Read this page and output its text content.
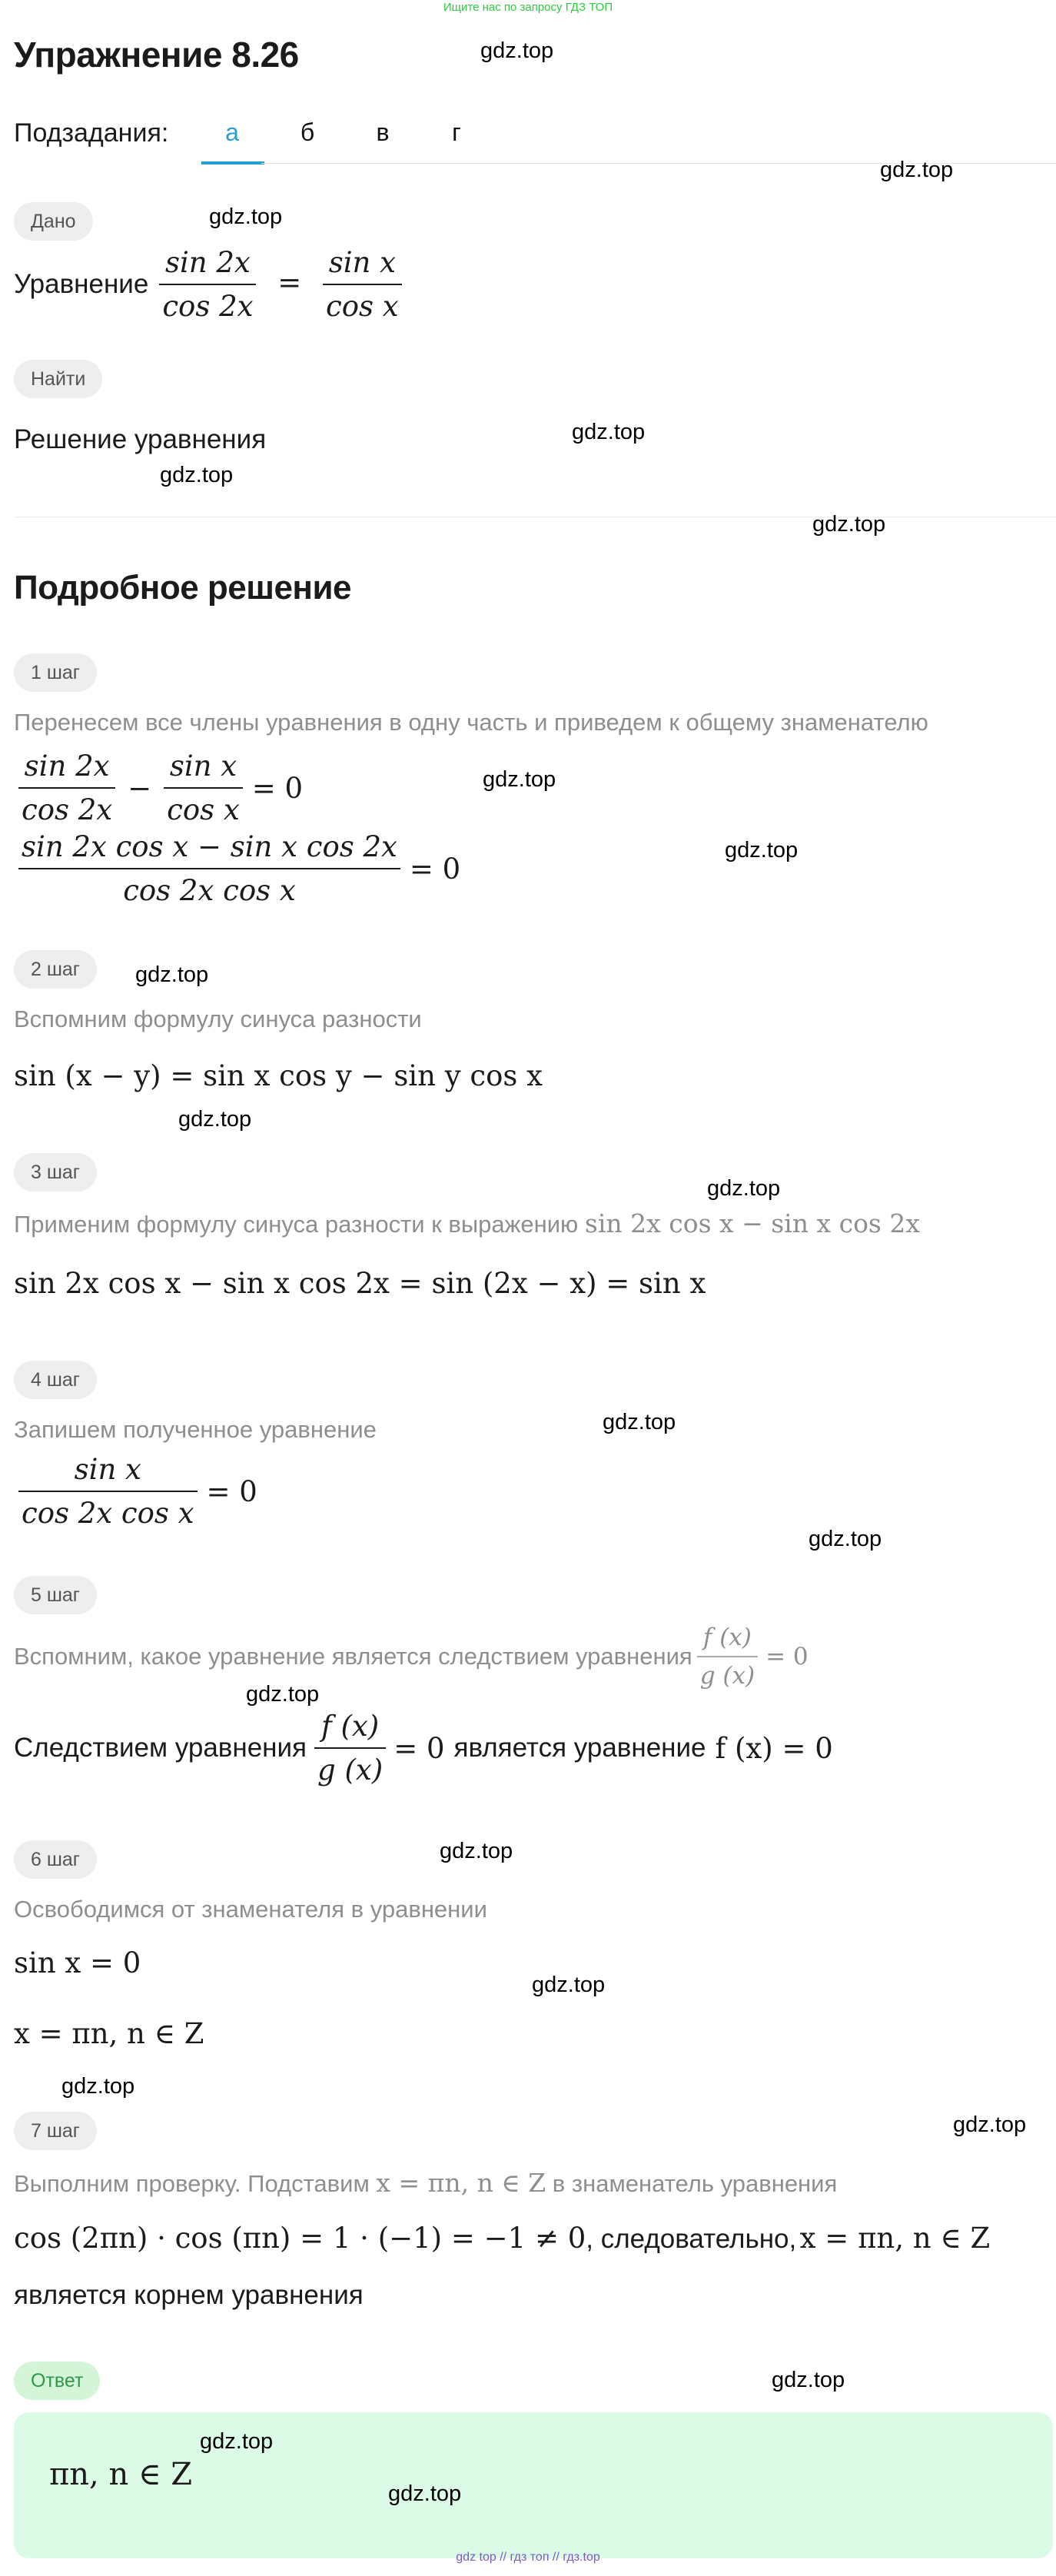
Ищите нас по запросу ГДЗ ТОП
Упражнение 8.26
Подзадания:	а	б	в	г
Дано
Уравнение $\frac{\sin 2x}{\cos 2x} = \frac{\text{sin x}}{\text{cos x}}$
Найти
Решение уравнения
Подробное решение
1 шаг
Перенесем все члены уравнения в одну часть и приведем к общему знаменателю
$\frac{\sin 2x}{\cos 2x} - \frac{\text{sin x}}{\text{cos x}} = 0$
$\frac{\text{sin 2x cos x − sin x cos 2x}}{\text{cos 2x cos x}} = 0$
2 шаг
Вспомним формулу синуса разности
sin (x − y) = sin x cos y − sin y cos x
3 шаг
Применим формулу синуса разности к выражению sin 2x cos x − sin x cos 2x
sin 2x cos x − sin x cos 2x = sin (2x − x) = sin x
4 шаг
Запишем полученное уравнение
$\frac{\text{sin x}}{\text{cos 2x cos x}} = 0$
5 шаг
Вспомним, какое уравнение является следствием уравнения $\frac{f (x)}{g (x)} = 0$
Следствием уравнения $\frac{f (x)}{g (x)} = 0$ является уравнение f (x) = 0
6 шаг
Освободимся от знаменателя в уравнении
sin x = 0
x = πn, n ∈ Z
7 шаг
Выполним проверку. Подставим x = πn, n ∈ Z в знаменатель уравнения
cos (2πn) · cos (πn) = 1 · (−1) = −1 ≠ 0, следовательно, x = πn, n ∈ Z
является корнем уравнения
Ответ
πn, n ∈ Z
gdz.top
gdz.top
gdz.top
gdz.top
gdz.top
gdz.top
gdz.top
gdz.top
gdz.top
gdz.top
gdz.top
gdz.top
gdz.top
gdz.top
gdz.top
gdz.top
gdz.top
gdz.top
gdz.top
gdz.top
gdz.top
gdz top // гдз топ // гдз.top
